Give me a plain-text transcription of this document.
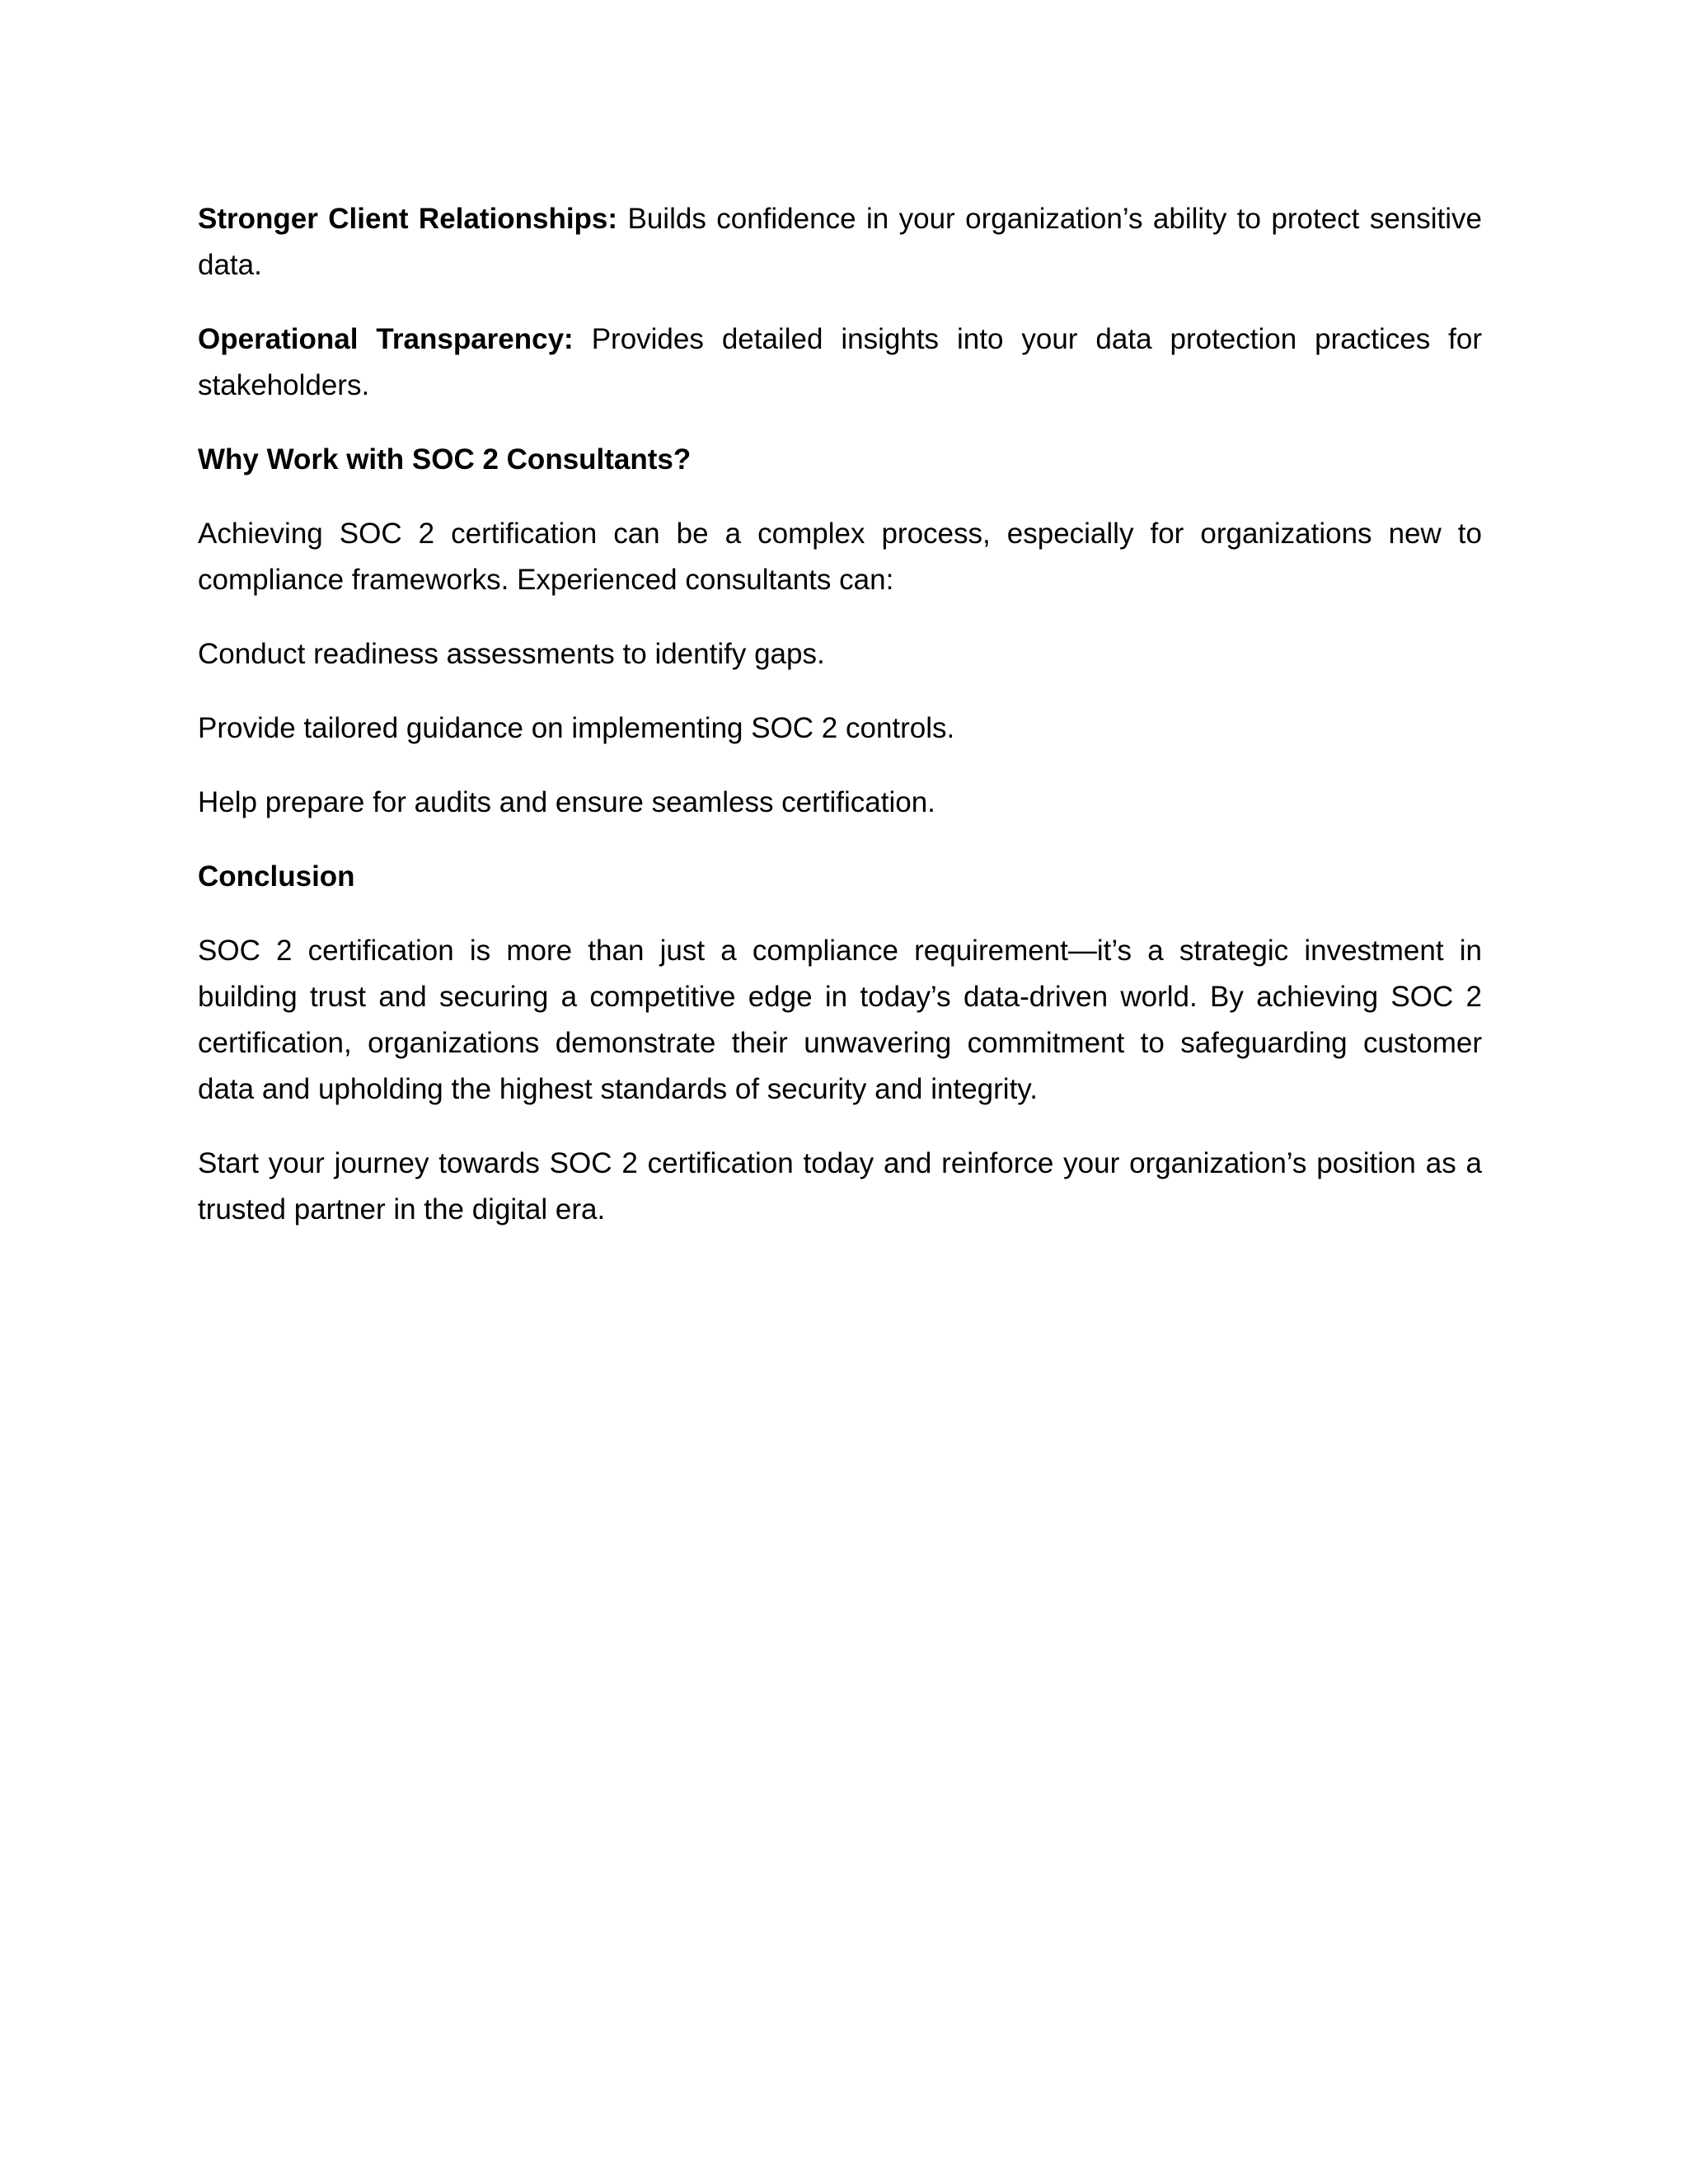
Stronger Client Relationships: Builds confidence in your organization’s ability to protect sensitive data.

Operational Transparency: Provides detailed insights into your data protection practices for stakeholders.

Why Work with SOC 2 Consultants?

Achieving SOC 2 certification can be a complex process, especially for organizations new to compliance frameworks. Experienced consultants can:

Conduct readiness assessments to identify gaps.

Provide tailored guidance on implementing SOC 2 controls.

Help prepare for audits and ensure seamless certification.

Conclusion

SOC 2 certification is more than just a compliance requirement—it’s a strategic investment in building trust and securing a competitive edge in today’s data-driven world. By achieving SOC 2 certification, organizations demonstrate their unwavering commitment to safeguarding customer data and upholding the highest standards of security and integrity.

Start your journey towards SOC 2 certification today and reinforce your organization’s position as a trusted partner in the digital era.
